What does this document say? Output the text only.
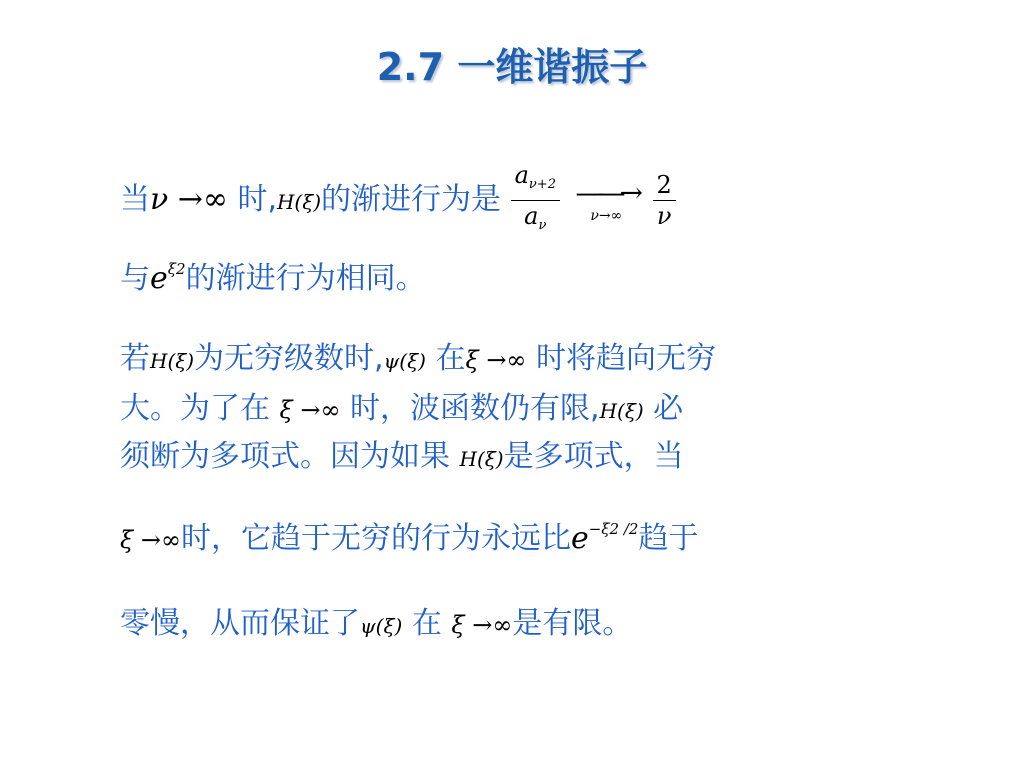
2.7 一维谐振子
当ν →∞ 时,H(ξ)的渐进行为是 $\frac{a_{\nu+2}}{a_\nu}$
——→
ν→∞
	$\frac{2}{\nu}$
与$e^{\xi 2}$的渐进行为相同。
若H(ξ)为无穷级数时,ψ(ξ) 在ξ →∞ 时将趋向无穷
大。为了在 ξ →∞ 时，波函数仍有限,H(ξ) 必
须断为多项式。因为如果 H(ξ)是多项式，当
ξ →∞时，它趋于无穷的行为永远比$e^{-\xi 2 /2}$趋于
零慢，从而保证了ψ(ξ) 在 ξ →∞是有限。
